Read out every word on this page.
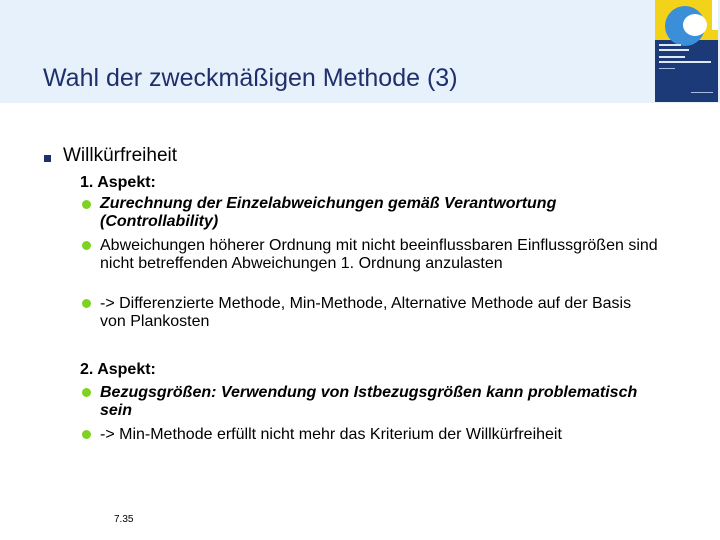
Wahl der zweckmäßigen Methode (3)
Willkürfreiheit
1. Aspekt:
Zurechnung der Einzelabweichungen gemäß Verantwortung (Controllability)
Abweichungen höherer Ordnung mit nicht beeinflussbaren Einflussgrößen sind nicht betreffenden Abweichungen 1. Ordnung anzulasten
-> Differenzierte Methode, Min-Methode, Alternative Methode auf der Basis von Plankosten
2. Aspekt:
Bezugsgrößen: Verwendung von Istbezugsgrößen kann problematisch sein
-> Min-Methode erfüllt nicht mehr das Kriterium der Willkürfreiheit
7.35
